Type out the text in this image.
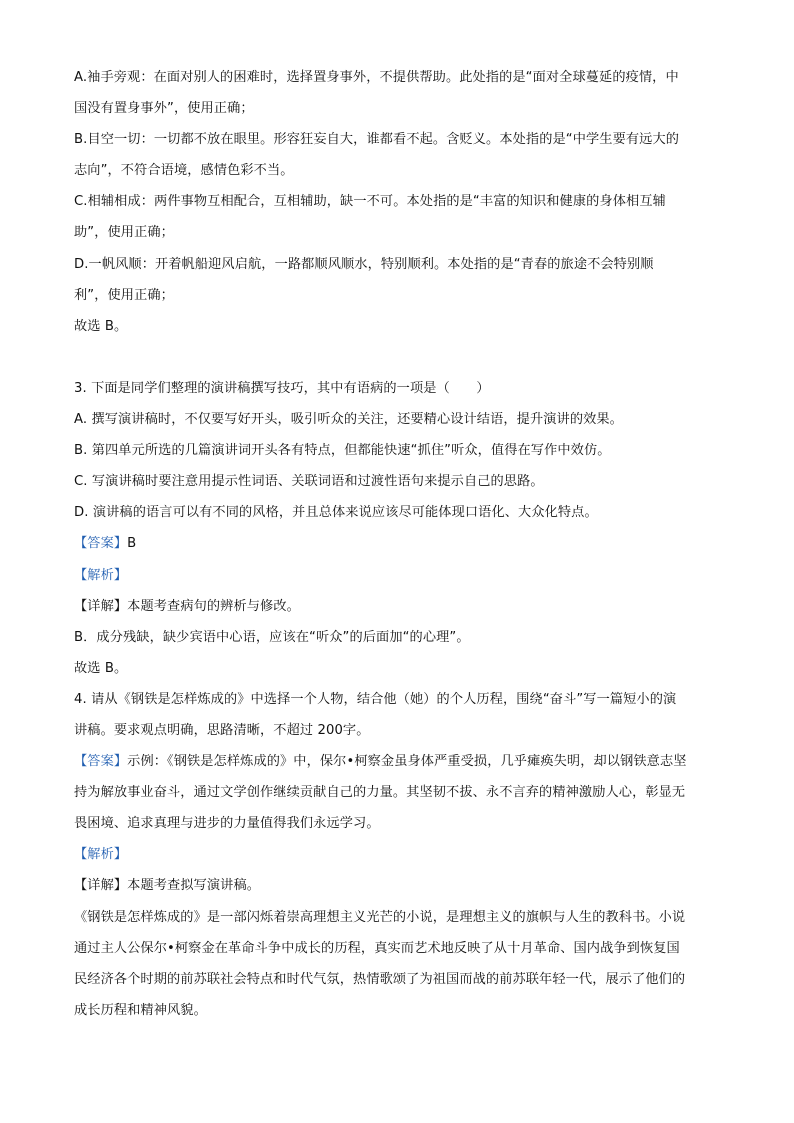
A.袖手旁观：在面对别人的困难时，选择置身事外，不提供帮助。此处指的是“面对全球蔓延的疫情，中
国没有置身事外”，使用正确；
B.目空一切：一切都不放在眼里。形容狂妄自大，谁都看不起。含贬义。本处指的是“中学生要有远大的
志向”，不符合语境，感情色彩不当。
C.相辅相成：两件事物互相配合，互相辅助，缺一不可。本处指的是“丰富的知识和健康的身体相互辅
助”，使用正确；
D.一帆风顺：开着帆船迎风启航，一路都顺风顺水，特别顺利。本处指的是“青春的旅途不会特别顺
利”，使用正确；
故选 B。
3. 下面是同学们整理的演讲稿撰写技巧，其中有语病的一项是（　　）
A. 撰写演讲稿时，不仅要写好开头，吸引听众的关注，还要精心设计结语，提升演讲的效果。
B. 第四单元所选的几篇演讲词开头各有特点，但都能快速“抓住”听众，值得在写作中效仿。
C. 写演讲稿时要注意用提示性词语、关联词语和过渡性语句来提示自己的思路。
D. 演讲稿的语言可以有不同的风格，并且总体来说应该尽可能体现口语化、大众化特点。
【 答案 】 B
【 解析 】
【 详解 】 本题考查病句的辨析与修改。
B．成分残缺，缺少宾语中心语，应该在“听众”的后面加“的心理”。
故选 B。
4. 请从《钢铁是怎样炼成的》中选择一个人物，结合他（她）的个人历程，围绕“奋斗”写一篇短小的演
讲稿。要求观点明确，思路清晰，不超过 200字。
【 答案 】 示例：《钢铁是怎样炼成的》中，保尔•柯察金虽身体严重受损，几乎瘫痪失明，却以钢铁意志坚
持为解放事业奋斗，通过文学创作继续贡献自己的力量。其坚韧不拔、永不言弃的精神激励人心，彰显无
畏困境、追求真理与进步的力量值得我们永远学习。
【 解析 】
【 详解 】 本题考查拟写演讲稿。
《钢铁是怎样炼成的》是一部闪烁着崇高理想主义光芒的小说，是理想主义的旗帜与人生的教科书。小说
通过主人公保尔•柯察金在革命斗争中成长的历程，真实而艺术地反映了从十月革命、国内战争到恢复国
民经济各个时期的前苏联社会特点和时代气氛，热情歌颂了为祖国而战的前苏联年轻一代，展示了他们的
成长历程和精神风貌。
